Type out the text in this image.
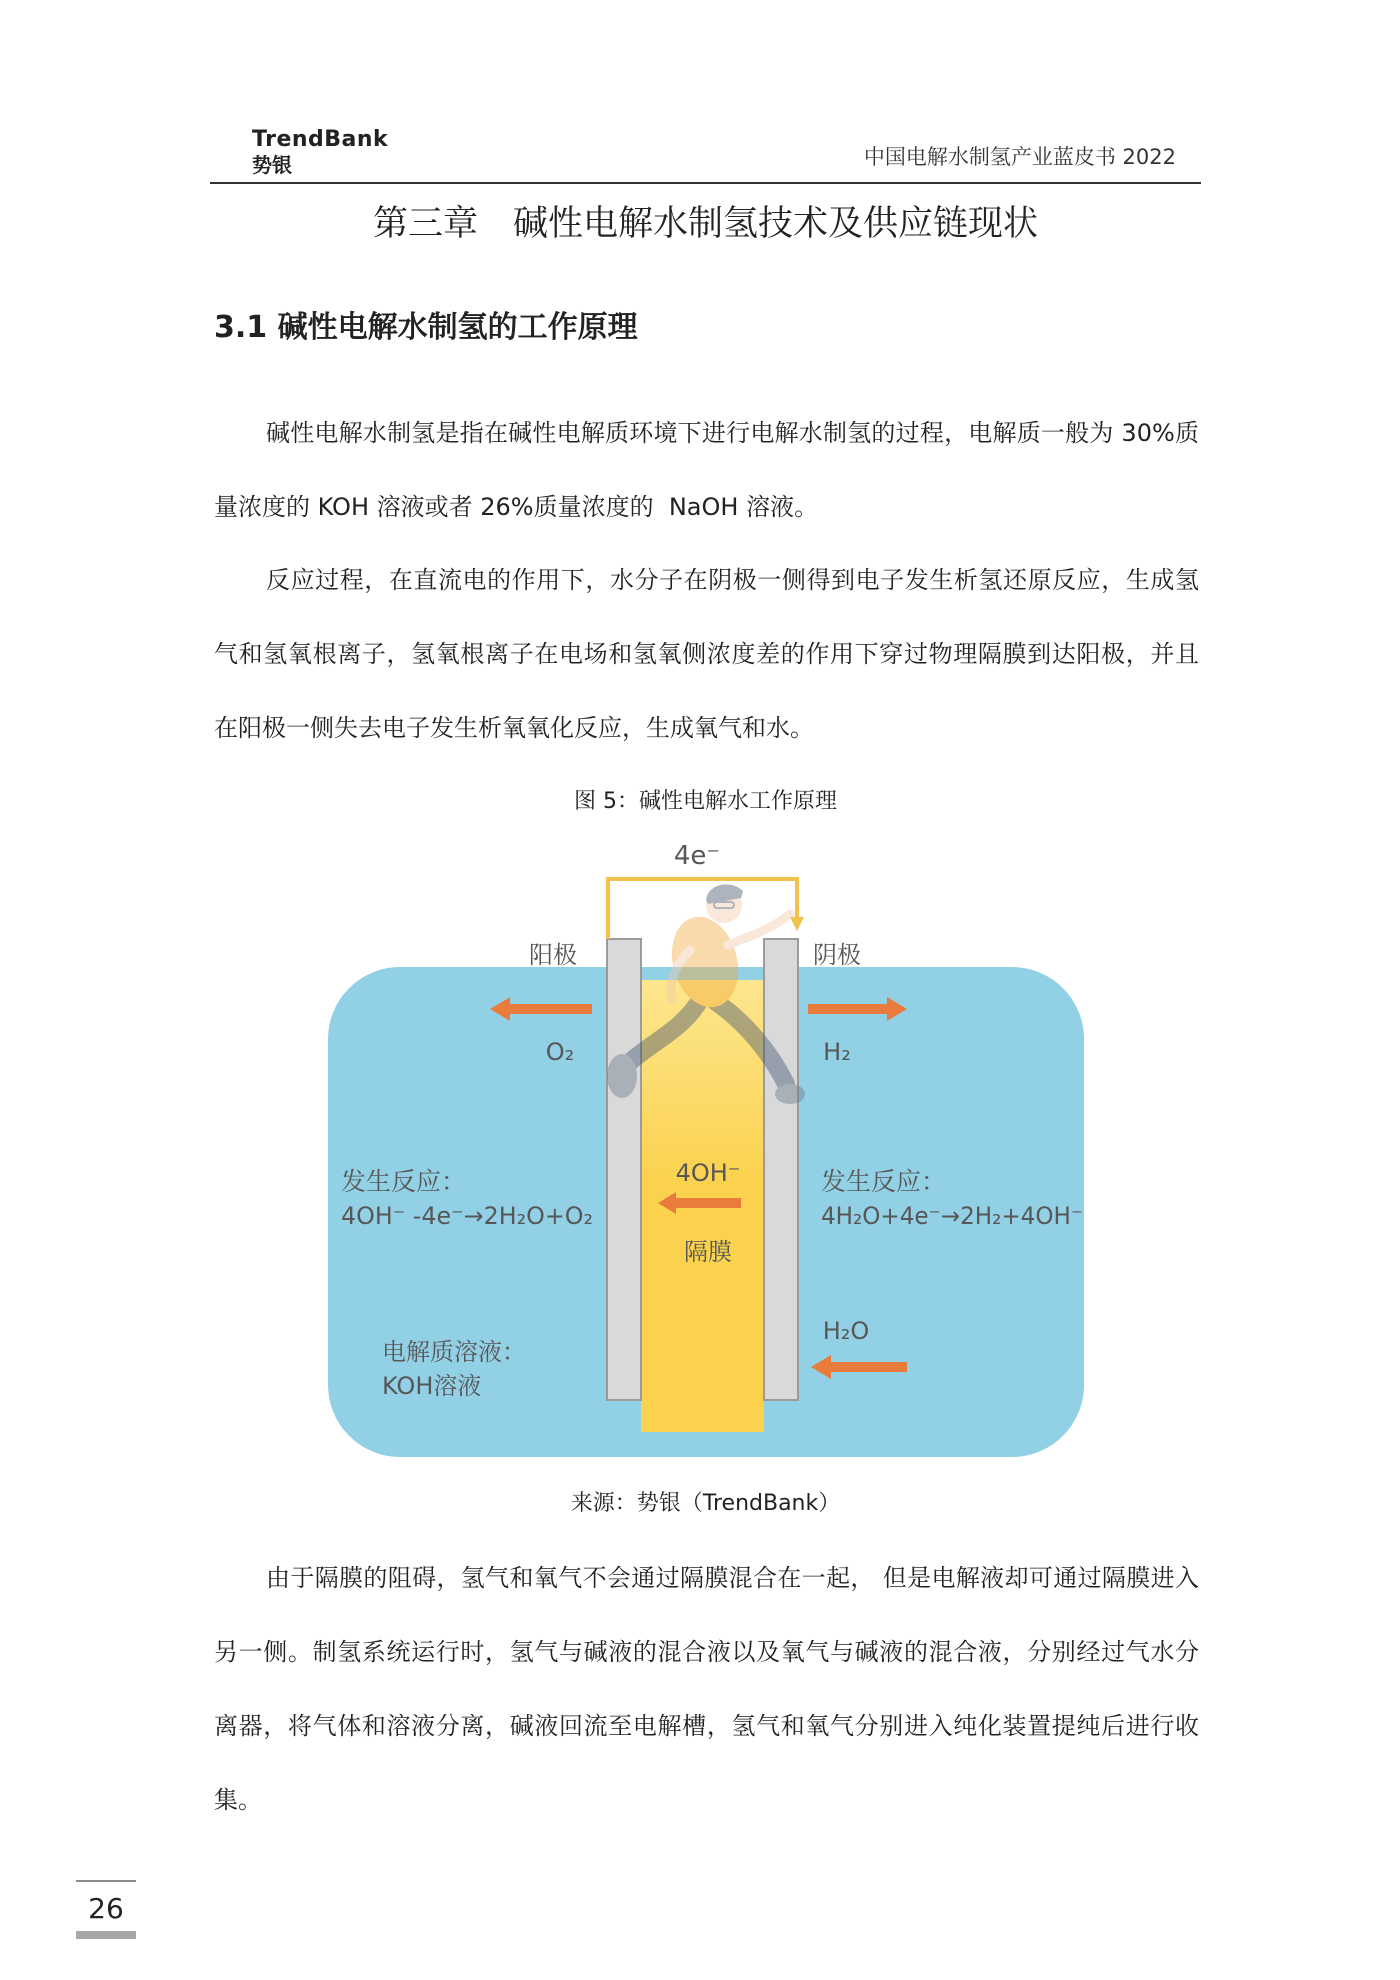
TrendBank
势银	中国电解水制氢产业蓝皮书 2022
第三章　碱性电解水制氢技术及供应链现状
3.1 碱性电解水制氢的工作原理
碱性电解水制氢是指在碱性电解质环境下进行电解水制氢的过程，电解质一般为 30%质
量浓度的 KOH 溶液或者 26%质量浓度的  NaOH 溶液。
反应过程，在直流电的作用下，水分子在阴极一侧得到电子发生析氢还原反应，生成氢
气和氢氧根离子，氢氧根离子在电场和氢氧侧浓度差的作用下穿过物理隔膜到达阳极，并且
在阳极一侧失去电子发生析氧氧化反应，生成氧气和水。
图 5：碱性电解水工作原理
4e⁻
阳极	阴极
O₂	H₂
发生反应：
4OH⁻ -4e⁻→2H₂O+O₂
4OH⁻
隔膜
发生反应：
4H₂O+4e⁻→2H₂+4OH⁻
H₂O
电解质溶液：
KOH溶液
来源：势银（TrendBank）
由于隔膜的阻碍，氢气和氧气不会通过隔膜混合在一起， 但是电解液却可通过隔膜进入
另一侧。制氢系统运行时，氢气与碱液的混合液以及氧气与碱液的混合液，分别经过气水分
离器，将气体和溶液分离，碱液回流至电解槽，氢气和氧气分别进入纯化装置提纯后进行收
集。
26
